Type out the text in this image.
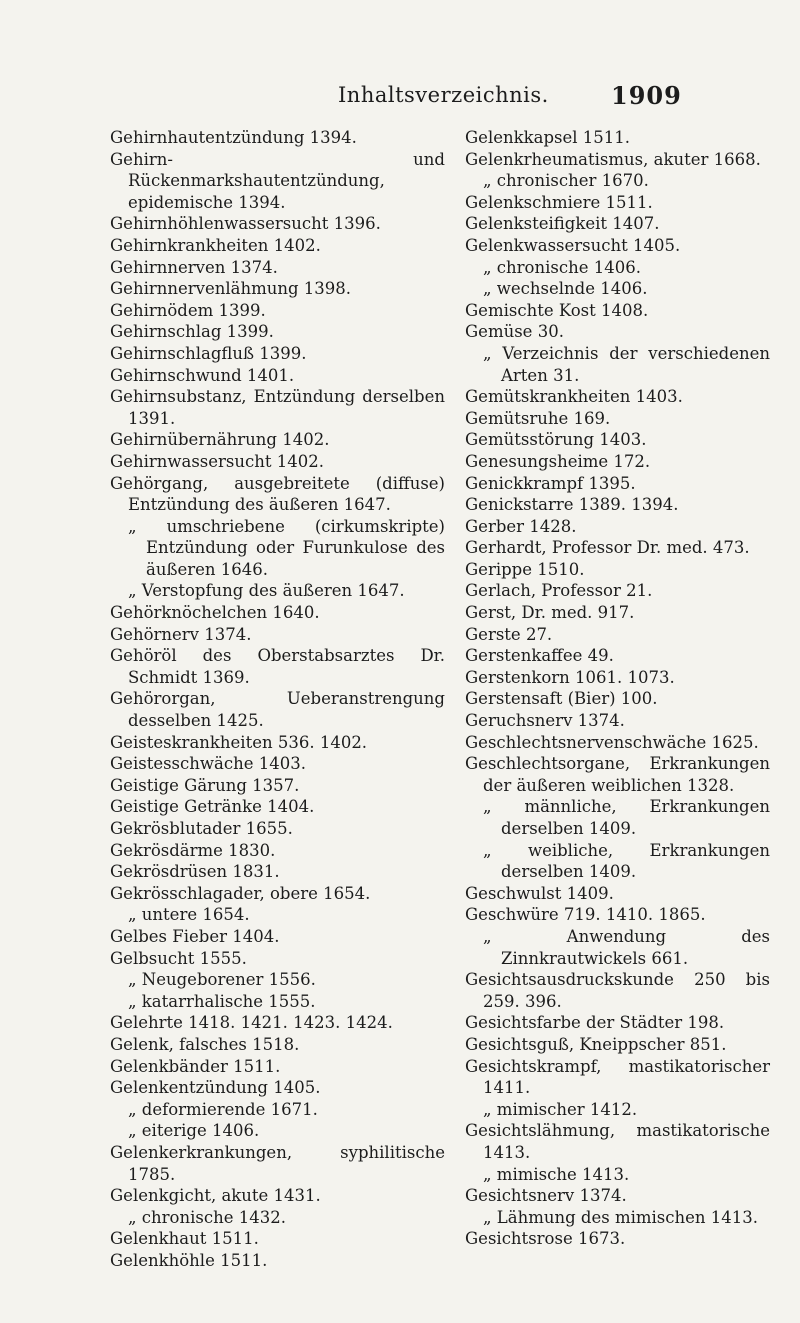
Inhaltsverzeichnis.	1909

Gehirnhautentzündung 1394.

Gehirn- und Rückenmarkshautentzündung, epidemische 1394.

Gehirnhöhlenwassersucht 1396.

Gehirnkrankheiten 1402.

Gehirnnerven 1374.

Gehirnnervenlähmung 1398.

Gehirnödem 1399.

Gehirnschlag 1399.

Gehirnschlagfluß 1399.

Gehirnschwund 1401.

Gehirnsubstanz, Entzündung derselben 1391.

Gehirnübernährung 1402.

Gehirnwassersucht 1402.

Gehörgang, ausgebreitete (diffuse) Entzündung des äußeren 1647.

„ umschriebene (cirkumskripte) Entzündung oder Furunkulose des äußeren 1646.

„ Verstopfung des äußeren 1647.

Gehörknöchelchen 1640.

Gehörnerv 1374.

Gehöröl des Oberstabsarztes Dr. Schmidt 1369.

Gehörorgan, Ueberanstrengung desselben 1425.

Geisteskrankheiten 536. 1402.

Geistesschwäche 1403.

Geistige Gärung 1357.

Geistige Getränke 1404.

Gekrösblutader 1655.

Gekrösdärme 1830.

Gekrösdrüsen 1831.

Gekrösschlagader, obere 1654.

„ untere 1654.

Gelbes Fieber 1404.

Gelbsucht 1555.

„ Neugeborener 1556.

„ katarrhalische 1555.

Gelehrte 1418. 1421. 1423. 1424.

Gelenk, falsches 1518.

Gelenkbänder 1511.

Gelenkentzündung 1405.

„ deformierende 1671.

„ eiterige 1406.

Gelenkerkrankungen, syphilitische 1785.

Gelenkgicht, akute 1431.

„ chronische 1432.

Gelenkhaut 1511.

Gelenkhöhle 1511.

Gelenkkapsel 1511.

Gelenkrheumatismus, akuter 1668.

„ chronischer 1670.

Gelenkschmiere 1511.

Gelenksteifigkeit 1407.

Gelenkwassersucht 1405.

„ chronische 1406.

„ wechselnde 1406.

Gemischte Kost 1408.

Gemüse 30.

„ Verzeichnis der verschiedenen Arten 31.

Gemütskrankheiten 1403.

Gemütsruhe 169.

Gemütsstörung 1403.

Genesungsheime 172.

Genickkrampf 1395.

Genickstarre 1389. 1394.

Gerber 1428.

Gerhardt, Professor Dr. med. 473.

Gerippe 1510.

Gerlach, Professor 21.

Gerst, Dr. med. 917.

Gerste 27.

Gerstenkaffee 49.

Gerstenkorn 1061. 1073.

Gerstensaft (Bier) 100.

Geruchsnerv 1374.

Geschlechtsnervenschwäche 1625.

Geschlechtsorgane, Erkrankungen der äußeren weiblichen 1328.

„ männliche, Erkrankungen derselben 1409.

„ weibliche, Erkrankungen derselben 1409.

Geschwulst 1409.

Geschwüre 719. 1410. 1865.

„ Anwendung des Zinnkrautwickels 661.

Gesichtsausdruckskunde 250 bis 259. 396.

Gesichtsfarbe der Städter 198.

Gesichtsguß, Kneippscher 851.

Gesichtskrampf, mastikatorischer 1411.

„ mimischer 1412.

Gesichtslähmung, mastikatorische 1413.

„ mimische 1413.

Gesichtsnerv 1374.

„ Lähmung des mimischen 1413.

Gesichtsrose 1673.
